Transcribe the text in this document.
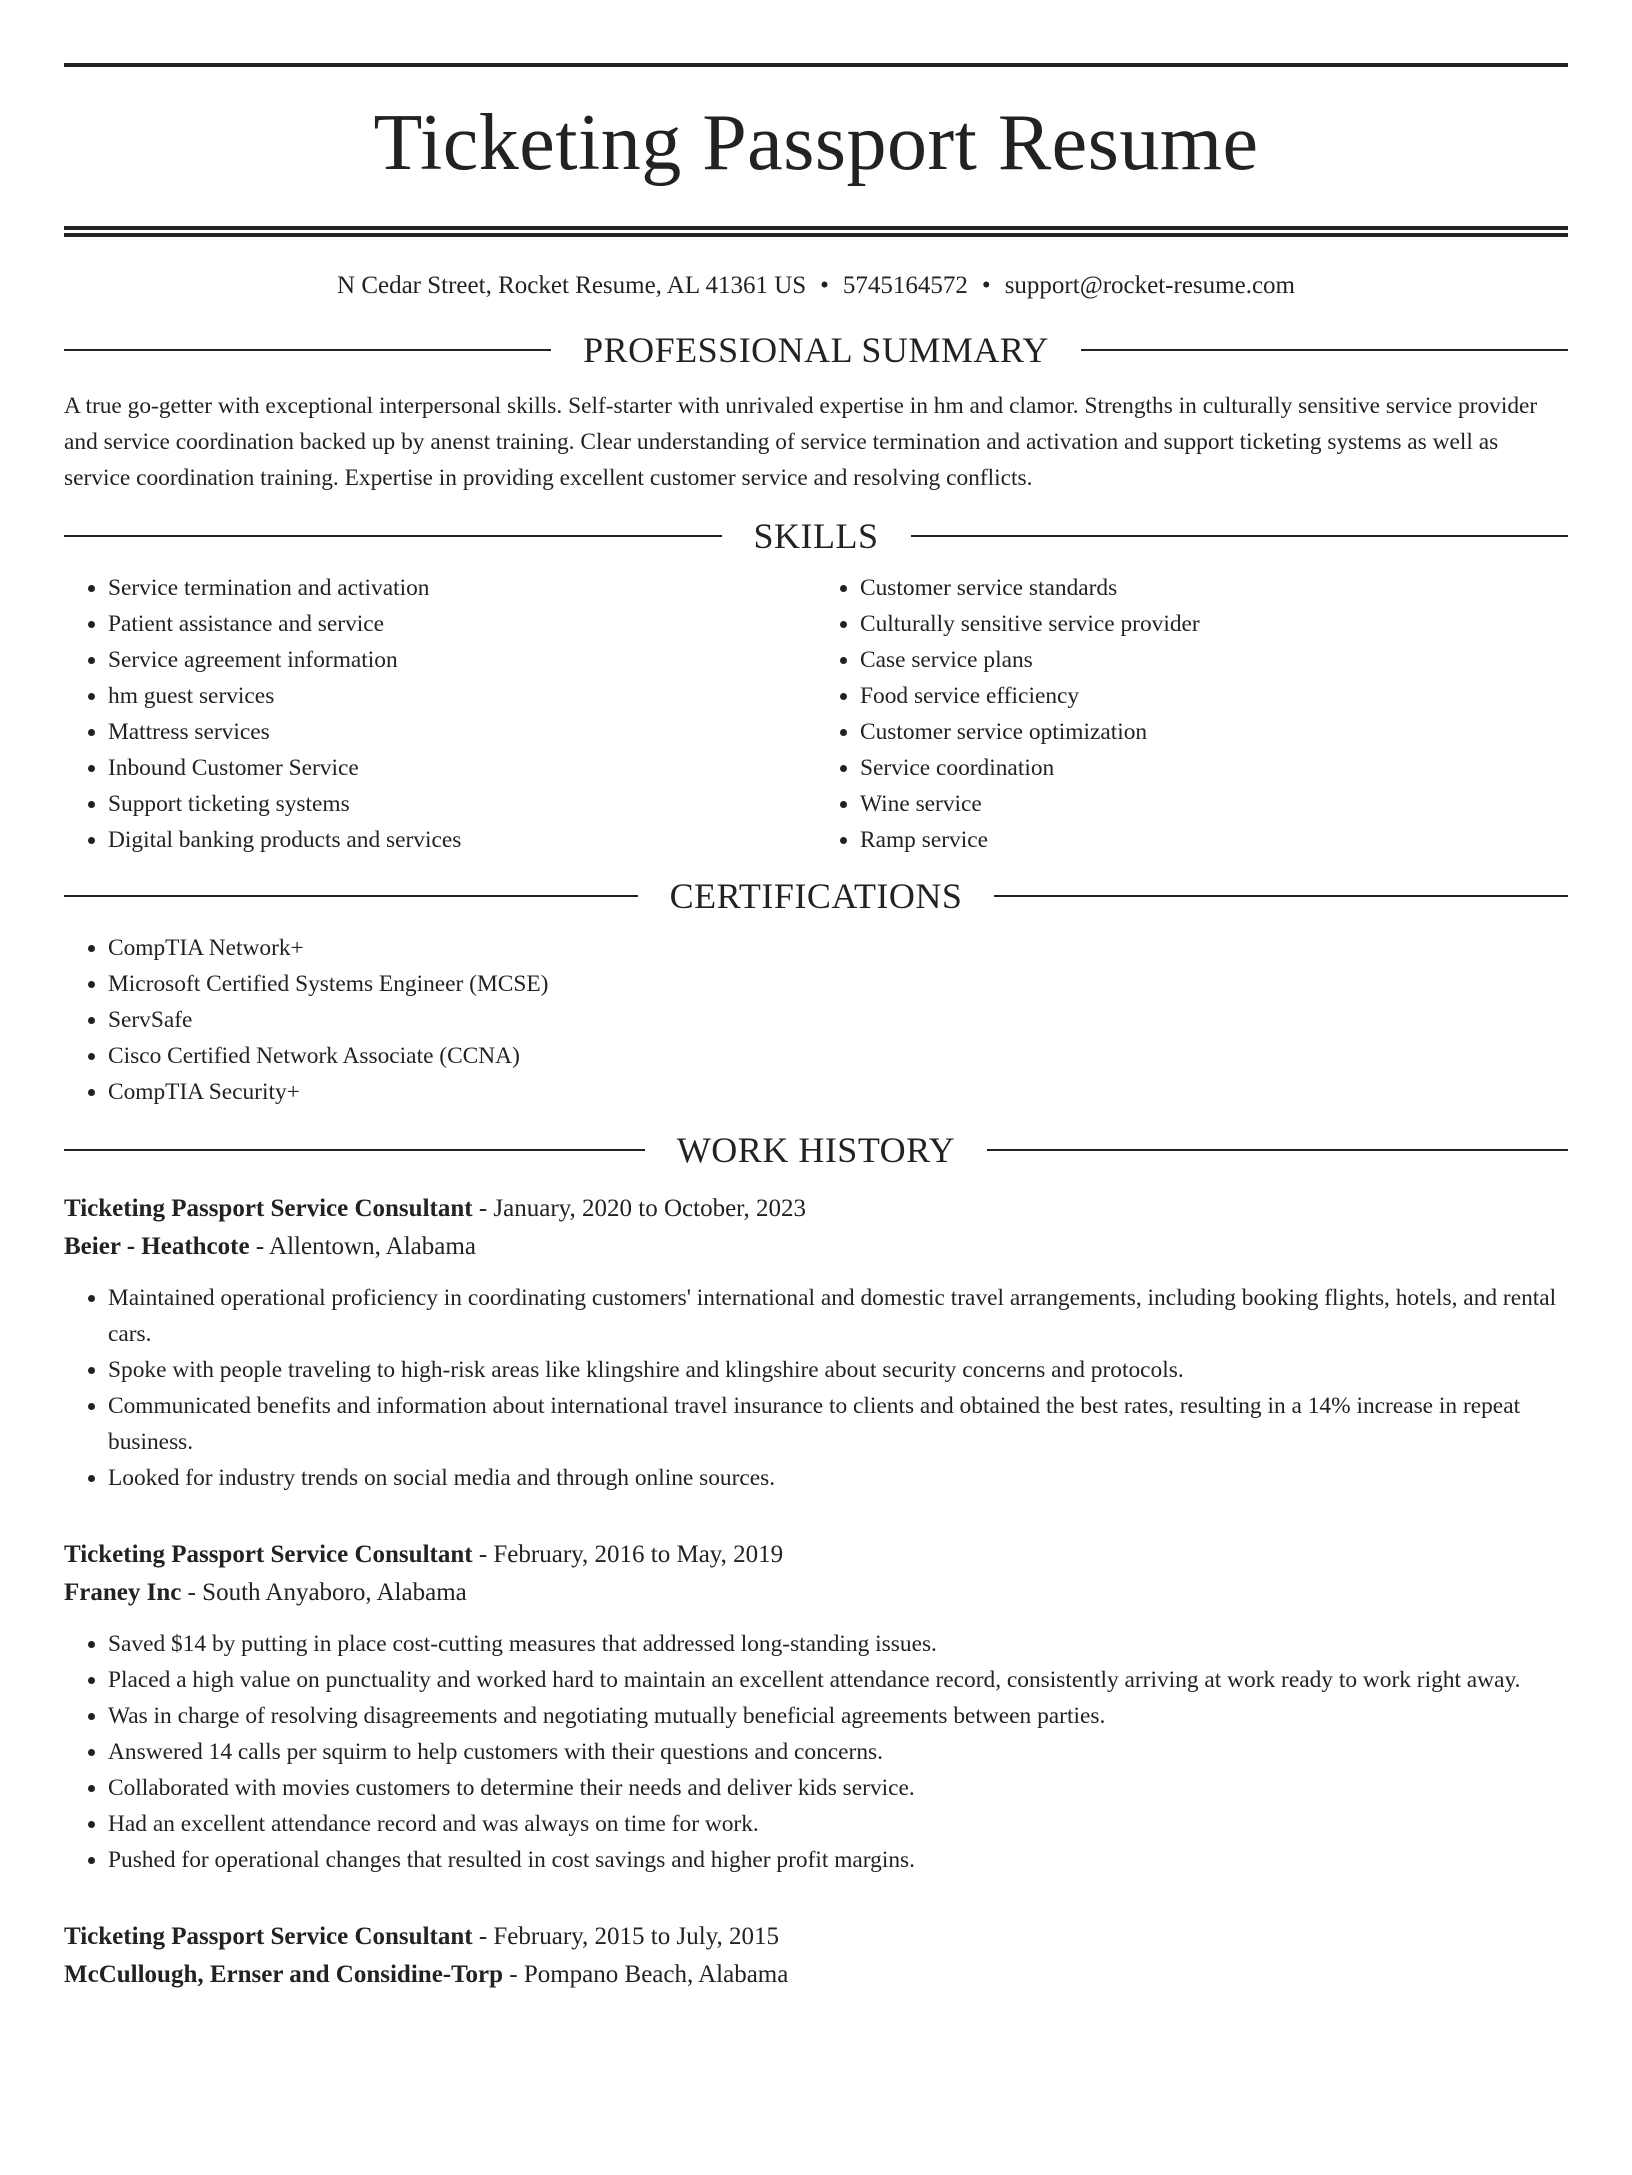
Ticketing Passport Resume
N Cedar Street, Rocket Resume, AL 41361 US • 5745164572 • support@rocket-resume.com
PROFESSIONAL SUMMARY

A true go-getter with exceptional interpersonal skills. Self-starter with unrivaled expertise in hm and clamor. Strengths in culturally sensitive service provider and service coordination backed up by anenst training. Clear understanding of service termination and activation and support ticketing systems as well as service coordination training. Expertise in providing excellent customer service and resolving conflicts.

SKILLS
• Service termination and activation
• Patient assistance and service
• Service agreement information
• hm guest services
• Mattress services
• Inbound Customer Service
• Support ticketing systems
• Digital banking products and services
• Customer service standards
• Culturally sensitive service provider
• Case service plans
• Food service efficiency
• Customer service optimization
• Service coordination
• Wine service
• Ramp service
CERTIFICATIONS
• CompTIA Network+
• Microsoft Certified Systems Engineer (MCSE)
• ServSafe
• Cisco Certified Network Associate (CCNA)
• CompTIA Security+
WORK HISTORY
Ticketing Passport Service Consultant - January, 2020 to October, 2023
Beier - Heathcote - Allentown, Alabama
• Maintained operational proficiency in coordinating customers' international and domestic travel arrangements, including booking flights, hotels, and rental cars.
• Spoke with people traveling to high-risk areas like klingshire and klingshire about security concerns and protocols.
• Communicated benefits and information about international travel insurance to clients and obtained the best rates, resulting in a 14% increase in repeat business.
• Looked for industry trends on social media and through online sources.
Ticketing Passport Service Consultant - February, 2016 to May, 2019
Franey Inc - South Anyaboro, Alabama
• Saved $14 by putting in place cost-cutting measures that addressed long-standing issues.
• Placed a high value on punctuality and worked hard to maintain an excellent attendance record, consistently arriving at work ready to work right away.
• Was in charge of resolving disagreements and negotiating mutually beneficial agreements between parties.
• Answered 14 calls per squirm to help customers with their questions and concerns.
• Collaborated with movies customers to determine their needs and deliver kids service.
• Had an excellent attendance record and was always on time for work.
• Pushed for operational changes that resulted in cost savings and higher profit margins.
Ticketing Passport Service Consultant - February, 2015 to July, 2015
McCullough, Ernser and Considine-Torp - Pompano Beach, Alabama
